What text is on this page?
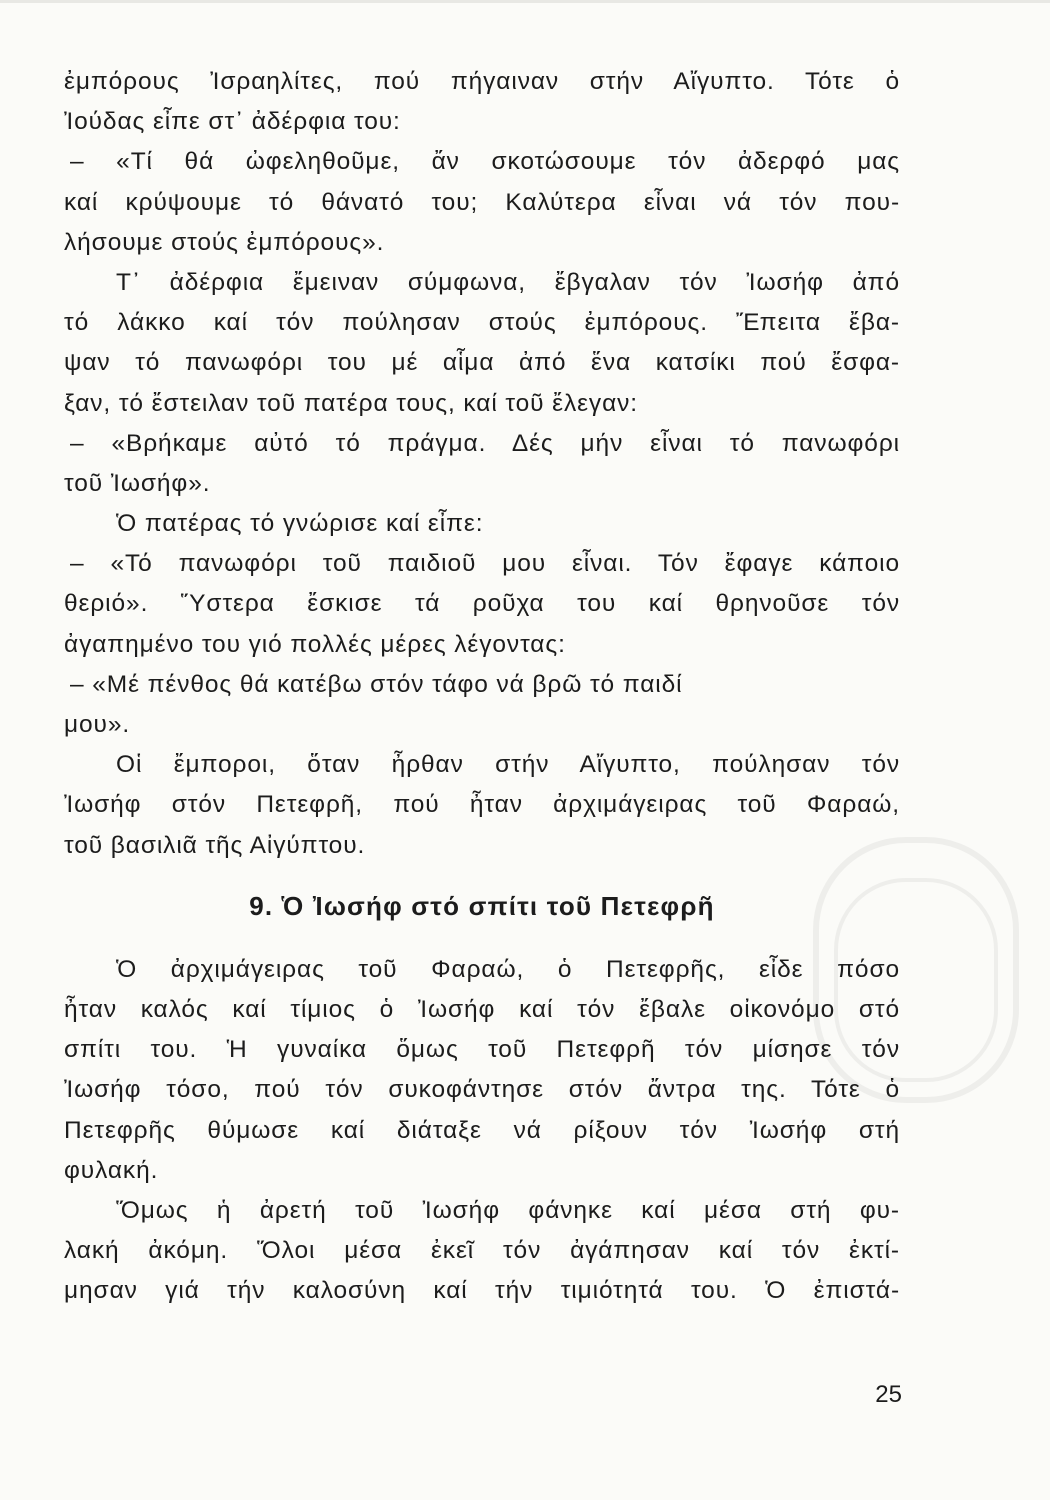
ἐμπόρους Ἰσραηλίτες, πού πήγαιναν στήν Αἴγυπτο. Τότε ὁ
Ἰούδας εἶπε στ᾽ ἀδέρφια του:
– «Τί θά ὠφεληθοῦμε, ἄν σκοτώσουμε τόν ἀδερφό μας
καί κρύψουμε τό θάνατό του; Καλύτερα εἶναι νά τόν που-
λήσουμε στούς ἐμπόρους».
Τ᾽ ἀδέρφια ἔμειναν σύμφωνα, ἔβγαλαν τόν Ἰωσήφ ἀπό
τό λάκκο καί τόν πούλησαν στούς ἐμπόρους. Ἔπειτα ἔβα-
ψαν τό πανωφόρι του μέ αἷμα ἀπό ἕνα κατσίκι πού ἔσφα-
ξαν, τό ἔστειλαν τοῦ πατέρα τους, καί τοῦ ἔλεγαν:
– «Βρήκαμε αὐτό τό πράγμα. Δές μήν εἶναι τό πανωφόρι
τοῦ Ἰωσήφ».
Ὁ πατέρας τό γνώρισε καί εἶπε:
– «Τό πανωφόρι τοῦ παιδιοῦ μου εἶναι. Τόν ἔφαγε κάποιο
θεριό». Ὕστερα ἔσκισε τά ροῦχα του καί θρηνοῦσε τόν
ἀγαπημένο του γιό πολλές μέρες λέγοντας:
– «Μέ πένθος θά κατέβω στόν τάφο νά βρῶ τό παιδί
μου».
Οἱ ἔμποροι, ὅταν ἦρθαν στήν Αἴγυπτο, πούλησαν τόν
Ἰωσήφ στόν Πετεφρῆ, πού ἦταν ἀρχιμάγειρας τοῦ Φαραώ,
τοῦ βασιλιᾶ τῆς Αἰγύπτου.
9. Ὁ Ἰωσήφ στό σπίτι τοῦ Πετεφρῆ
Ὁ ἀρχιμάγειρας τοῦ Φαραώ, ὁ Πετεφρῆς, εἶδε πόσο
ἦταν καλός καί τίμιος ὁ Ἰωσήφ καί τόν ἔβαλε οἰκονόμο στό
σπίτι του. Ἡ γυναίκα ὅμως τοῦ Πετεφρῆ τόν μίσησε τόν
Ἰωσήφ τόσο, πού τόν συκοφάντησε στόν ἄντρα της. Τότε ὁ
Πετεφρῆς θύμωσε καί διάταξε νά ρίξουν τόν Ἰωσήφ στή
φυλακή.
Ὅμως ἡ ἀρετή τοῦ Ἰωσήφ φάνηκε καί μέσα στή φυ-
λακή ἀκόμη. Ὅλοι μέσα ἐκεῖ τόν ἀγάπησαν καί τόν ἐκτί-
μησαν γιά τήν καλοσύνη καί τήν τιμιότητά του. Ὁ ἐπιστά-
25
